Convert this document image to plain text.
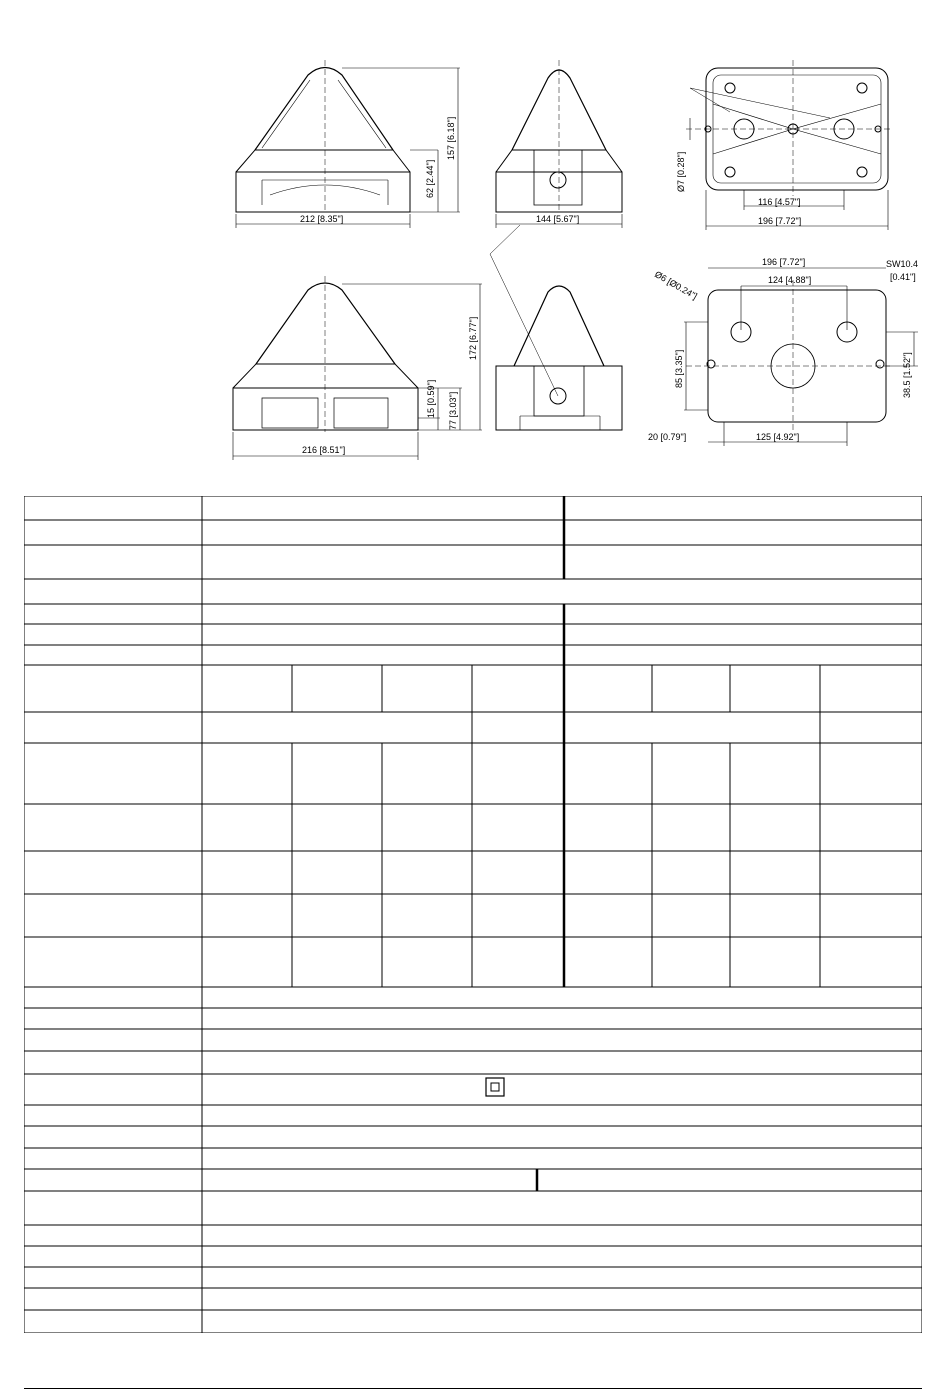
212 [8.35"]
62 [2.44"]
157 [6.18"]
144 [5.67"]
Ø7 [0.28"]
116 [4.57"]
196 [7.72"]
216 [8.51"]
15 [0.59"] 77 [3.03"]
172 [6.77"]
196 [7.72"]	SW10.4
[0.41"]
Ø6 [Ø0.24"]	124 [4.88"]
85 [3.35"]	38.5 [1.52"]
20 [0.79"]	125 [4.92"]
